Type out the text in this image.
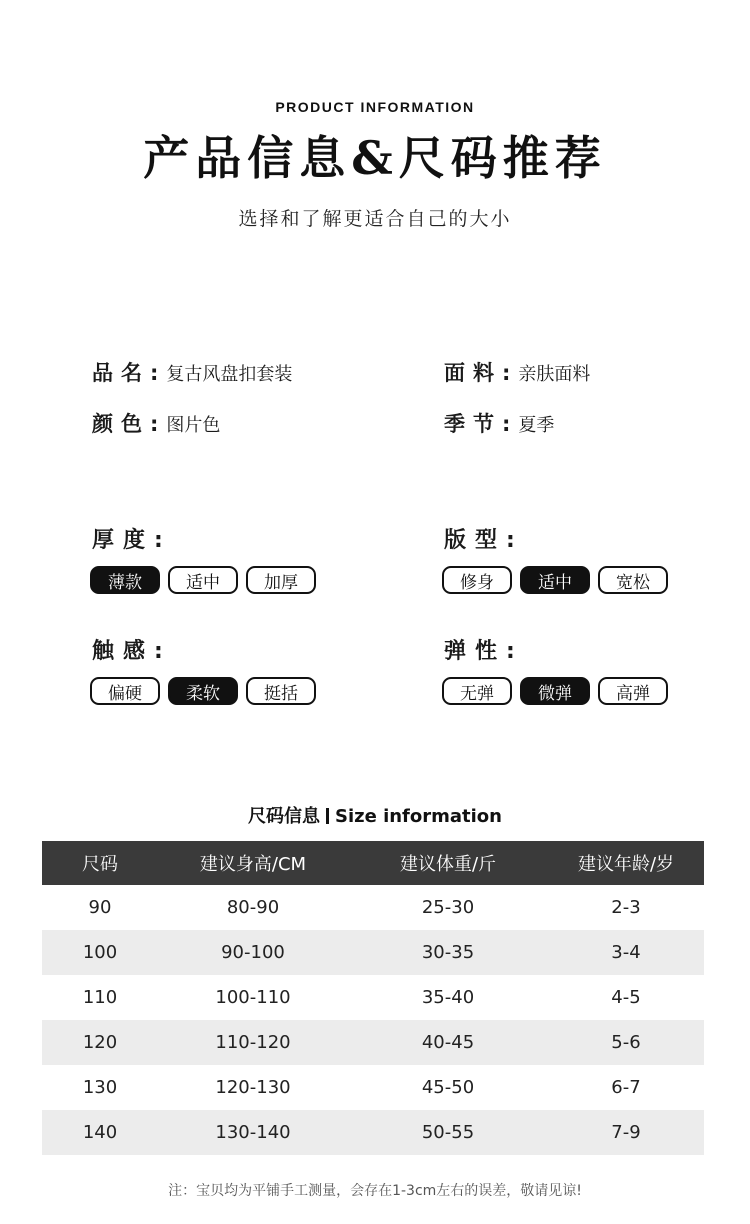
PRODUCT INFORMATION
产品信息&尺码推荐
选择和了解更适合自己的大小
品名 : 复古风盘扣套装	面料 : 亲肤面料
颜色 : 图片色	季节 : 夏季
厚度:
薄款	适中	加厚
版型:
修身	适中	宽松
触感:
偏硬	柔软	挺括
弹性:
无弹	微弹	高弹
尺码信息 Size information
尺码	建议身高/CM	建议体重/斤	建议年龄/岁
90	80-90	25-30	2-3
100	90-100	30-35	3-4
110	100-110	35-40	4-5
120	110-120	40-45	5-6
130	120-130	45-50	6-7
140	130-140	50-55	7-9
注：宝贝均为平铺手工测量，会存在1-3cm左右的误差，敬请见谅!
